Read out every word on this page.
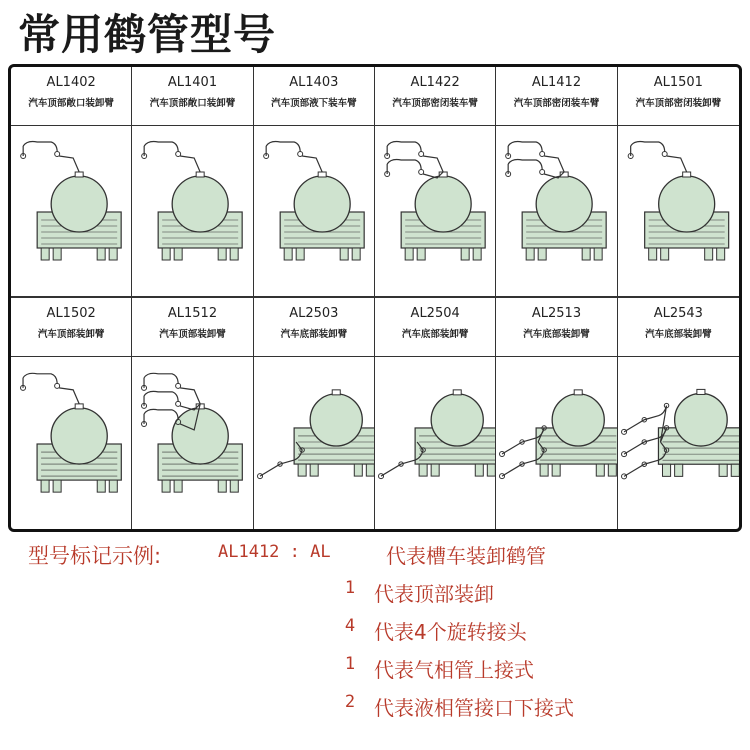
常用鹤管型号
AL1402
汽车顶部敞口装卸臂
AL1401
汽车顶部敞口装卸臂
AL1403
汽车顶部液下装车臂
AL1422
汽车顶部密闭装车臂
AL1412
汽车顶部密闭装车臂
AL1501
汽车顶部密闭装卸臂
AL1502
汽车顶部装卸臂
AL1512
汽车顶部装卸臂
AL2503
汽车底部装卸臂
AL2504
汽车底部装卸臂
AL2513
汽车底部装卸臂
AL2543
汽车底部装卸臂
型号标记示例:	AL1412 : AL	代表槽车装卸鹤管
1 代表顶部装卸
4 代表4个旋转接头
1 代表气相管上接式
2 代表液相管接口下接式
